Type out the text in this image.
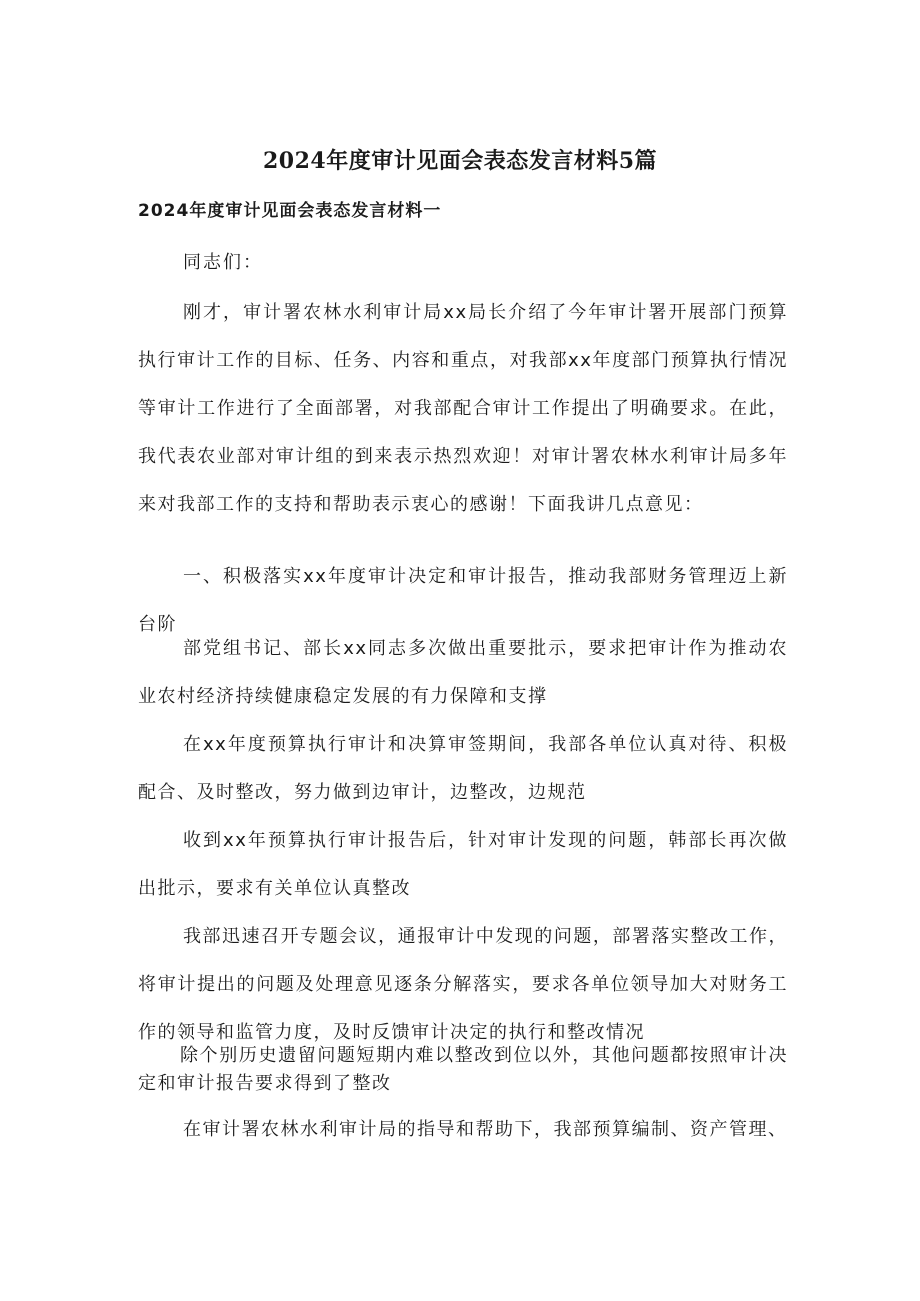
2024年度审计见面会表态发言材料5篇
2024年度审计见面会表态发言材料一
同志们：

刚才，审计署农林水利审计局xx局长介绍了今年审计署开展部门预算执行审计工作的目标、任务、内容和重点，对我部xx年度部门预算执行情况等审计工作进行了全面部署，对我部配合审计工作提出了明确要求。在此，我代表农业部对审计组的到来表示热烈欢迎！对审计署农林水利审计局多年来对我部工作的支持和帮助表示衷心的感谢！下面我讲几点意见：

一、积极落实xx年度审计决定和审计报告，推动我部财务管理迈上新台阶

部党组书记、部长xx同志多次做出重要批示，要求把审计作为推动农业农村经济持续健康稳定发展的有力保障和支撑

在xx年度预算执行审计和决算审签期间，我部各单位认真对待、积极配合、及时整改，努力做到边审计，边整改，边规范

收到xx年预算执行审计报告后，针对审计发现的问题，韩部长再次做出批示，要求有关单位认真整改

我部迅速召开专题会议，通报审计中发现的问题，部署落实整改工作，将审计提出的问题及处理意见逐条分解落实，要求各单位领导加大对财务工作的领导和监管力度，及时反馈审计决定的执行和整改情况

除个别历史遗留问题短期内难以整改到位以外，其他问题都按照审计决定和审计报告要求得到了整改

在审计署农林水利审计局的指导和帮助下，我部预算编制、资产管理、
